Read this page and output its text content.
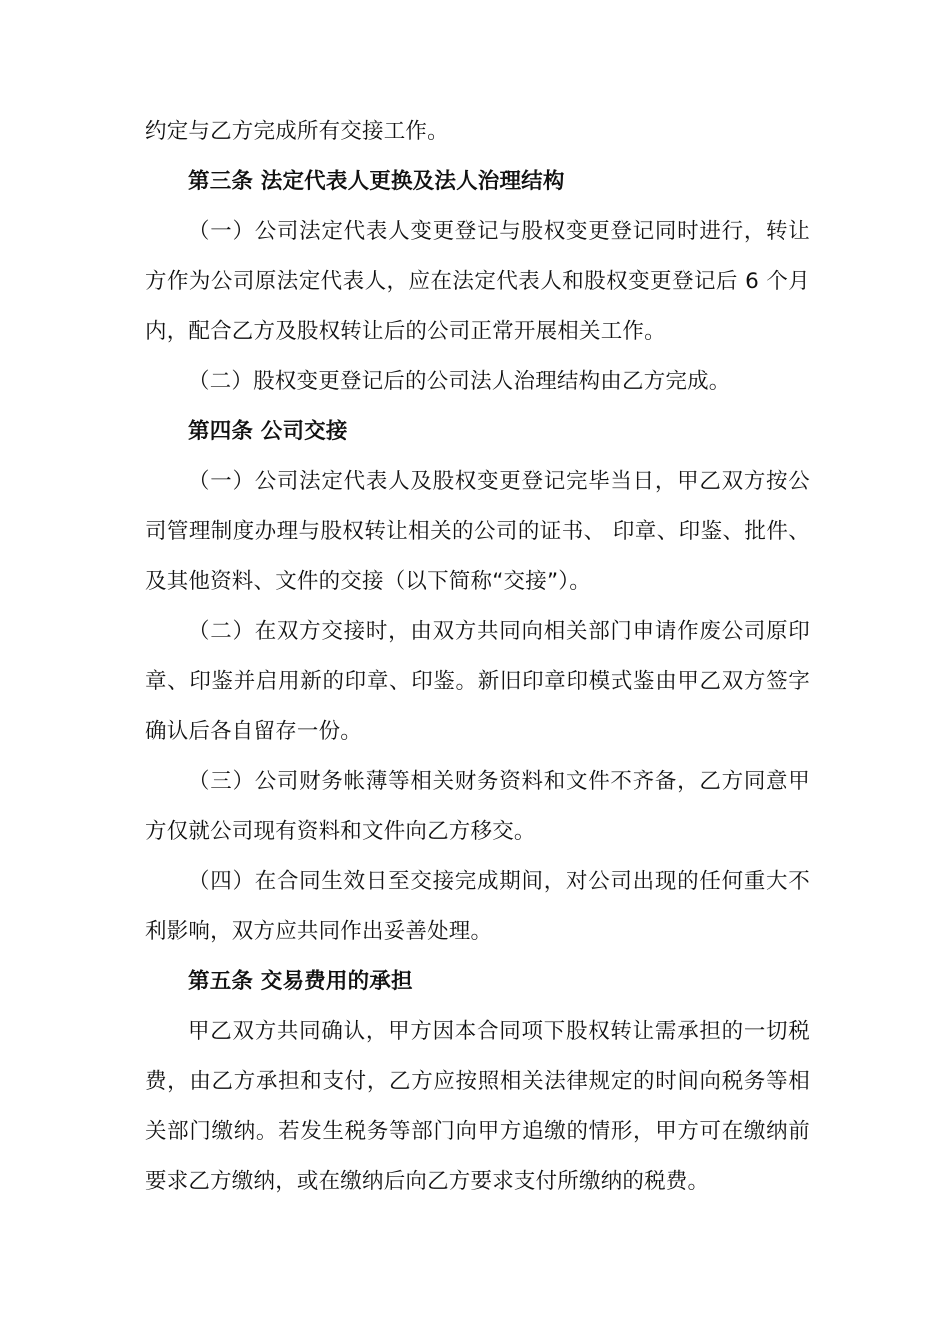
约定与乙方完成所有交接工作。
第三条 法定代表人更换及法人治理结构
（一）公司法定代表人变更登记与股权变更登记同时进行，转让
方作为公司原法定代表人，应在法定代表人和股权变更登记后 6 个月
内，配合乙方及股权转让后的公司正常开展相关工作。
（二）股权变更登记后的公司法人治理结构由乙方完成。
第四条 公司交接
（一）公司法定代表人及股权变更登记完毕当日，甲乙双方按公
司管理制度办理与股权转让相关的公司的证书、 印章、印鉴、批件、
及其他资料、文件的交接（以下简称“交接”）。
（二）在双方交接时，由双方共同向相关部门申请作废公司原印
章、印鉴并启用新的印章、印鉴。新旧印章印模式鉴由甲乙双方签字
确认后各自留存一份。
（三）公司财务帐薄等相关财务资料和文件不齐备，乙方同意甲
方仅就公司现有资料和文件向乙方移交。
（四）在合同生效日至交接完成期间，对公司出现的任何重大不
利影响，双方应共同作出妥善处理。
第五条 交易费用的承担
甲乙双方共同确认，甲方因本合同项下股权转让需承担的一切税
费，由乙方承担和支付，乙方应按照相关法律规定的时间向税务等相
关部门缴纳。若发生税务等部门向甲方追缴的情形，甲方可在缴纳前
要求乙方缴纳，或在缴纳后向乙方要求支付所缴纳的税费。
